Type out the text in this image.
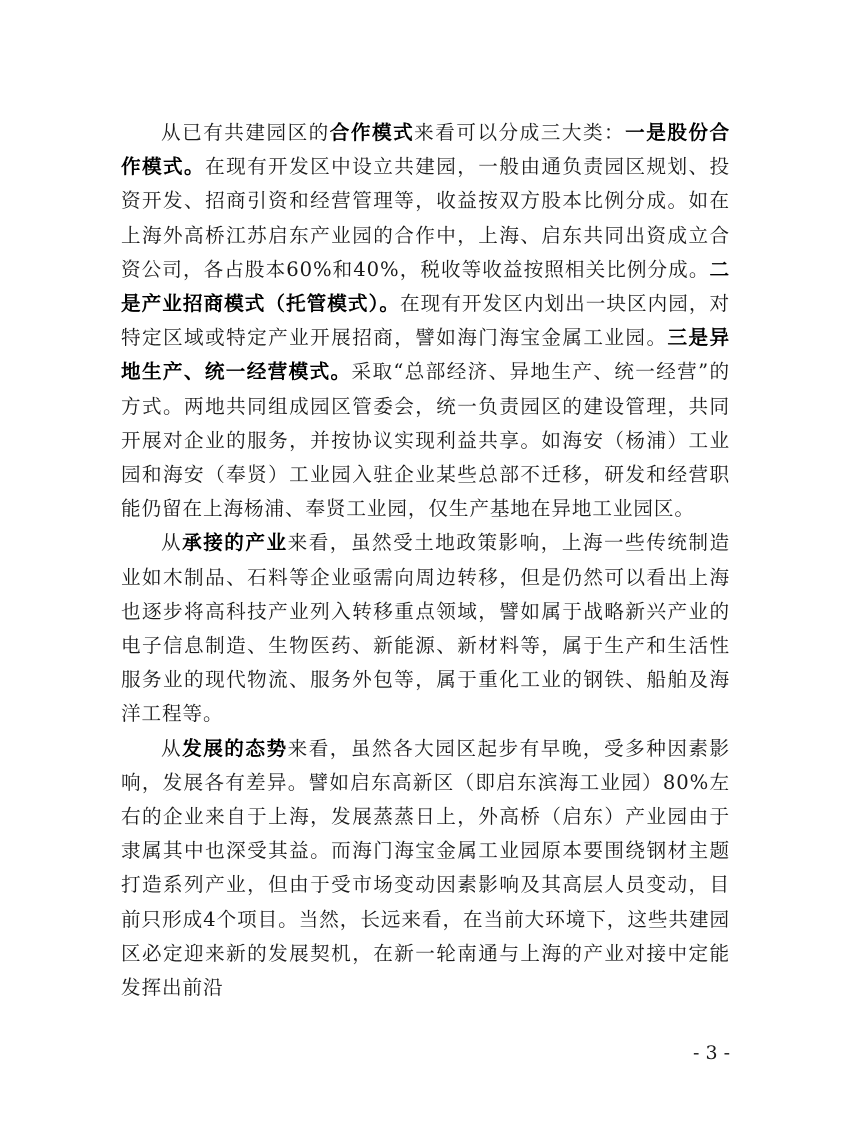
从已有共建园区的合作模式来看可以分成三大类：一是股份合作模式。在现有开发区中设立共建园，一般由通负责园区规划、投资开发、招商引资和经营管理等，收益按双方股本比例分成。如在上海外高桥江苏启东产业园的合作中，上海、启东共同出资成立合资公司，各占股本60%和40%，税收等收益按照相关比例分成。二是产业招商模式（托管模式）。在现有开发区内划出一块区内园，对特定区域或特定产业开展招商，譬如海门海宝金属工业园。三是异地生产、统一经营模式。采取“总部经济、异地生产、统一经营”的方式。两地共同组成园区管委会，统一负责园区的建设管理，共同开展对企业的服务，并按协议实现利益共享。如海安（杨浦）工业园和海安（奉贤）工业园入驻企业某些总部不迁移，研发和经营职能仍留在上海杨浦、奉贤工业园，仅生产基地在异地工业园区。

从承接的产业来看，虽然受土地政策影响，上海一些传统制造业如木制品、石料等企业亟需向周边转移，但是仍然可以看出上海也逐步将高科技产业列入转移重点领域，譬如属于战略新兴产业的电子信息制造、生物医药、新能源、新材料等，属于生产和生活性服务业的现代物流、服务外包等，属于重化工业的钢铁、船舶及海洋工程等。

从发展的态势来看，虽然各大园区起步有早晚，受多种因素影响，发展各有差异。譬如启东高新区（即启东滨海工业园）80%左右的企业来自于上海，发展蒸蒸日上，外高桥（启东）产业园由于隶属其中也深受其益。而海门海宝金属工业园原本要围绕钢材主题打造系列产业，但由于受市场变动因素影响及其高层人员变动，目前只形成4个项目。当然，长远来看，在当前大环境下，这些共建园区必定迎来新的发展契机，在新一轮南通与上海的产业对接中定能发挥出前沿

- 3 -
